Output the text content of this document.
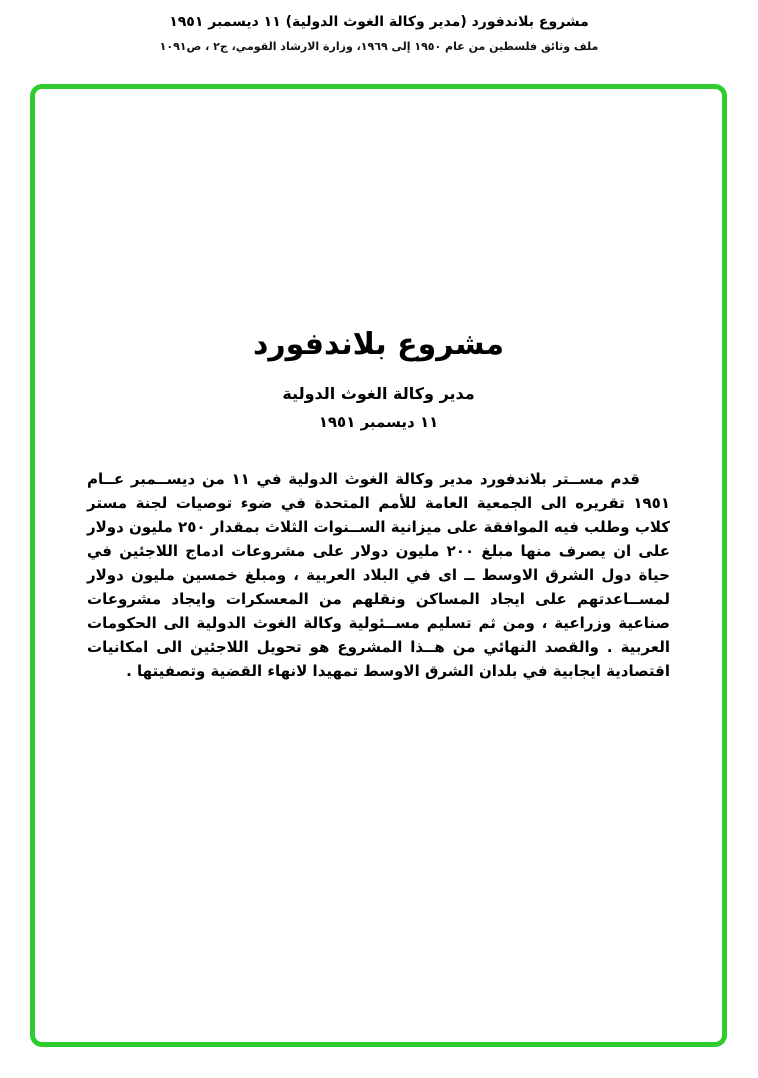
مشروع بلاندفورد (مدير وكالة الغوث الدولية) ١١ ديسمبر ١٩٥١
ملف وثائق فلسطين من عام ١٩٥٠ إلى ١٩٦٩، وزارة الارشاد القومي، ج٢ ، ص١٠٩١
مشروع بلاندفورد
مدير وكالة الغوث الدولية
١١ ديسمبر ١٩٥١

قدم مســتر بلاندفورد مدير وكالة الغوث الدولية في ١١ من ديســمبر عــام ١٩٥١ تقريره الى الجمعية العامة للأمم المتحدة في ضوء توصيات لجنة مستر كلاب وطلب فيه الموافقة على ميزانية الســنوات الثلاث بمقدار ٢٥٠ مليون دولار على ان يصرف منها مبلغ ٢٠٠ مليون دولار على مشروعات ادماج اللاجئين في حياة دول الشرق الاوسط ــ اى في البلاد العربية ، ومبلغ خمسين مليون دولار لمســاعدتهم على ايجاد المساكن ونقلهم من المعسكرات وايجاد مشروعات صناعية وزراعية ، ومن ثم تسليم مســئولية وكالة الغوث الدولية الى الحكومات العربية . والقصد النهائي من هــذا المشروع هو تحويل اللاجئين الى امكانيات اقتصادية ايجابية في بلدان الشرق الاوسط تمهيدا لانهاء القضية وتصفيتها .
